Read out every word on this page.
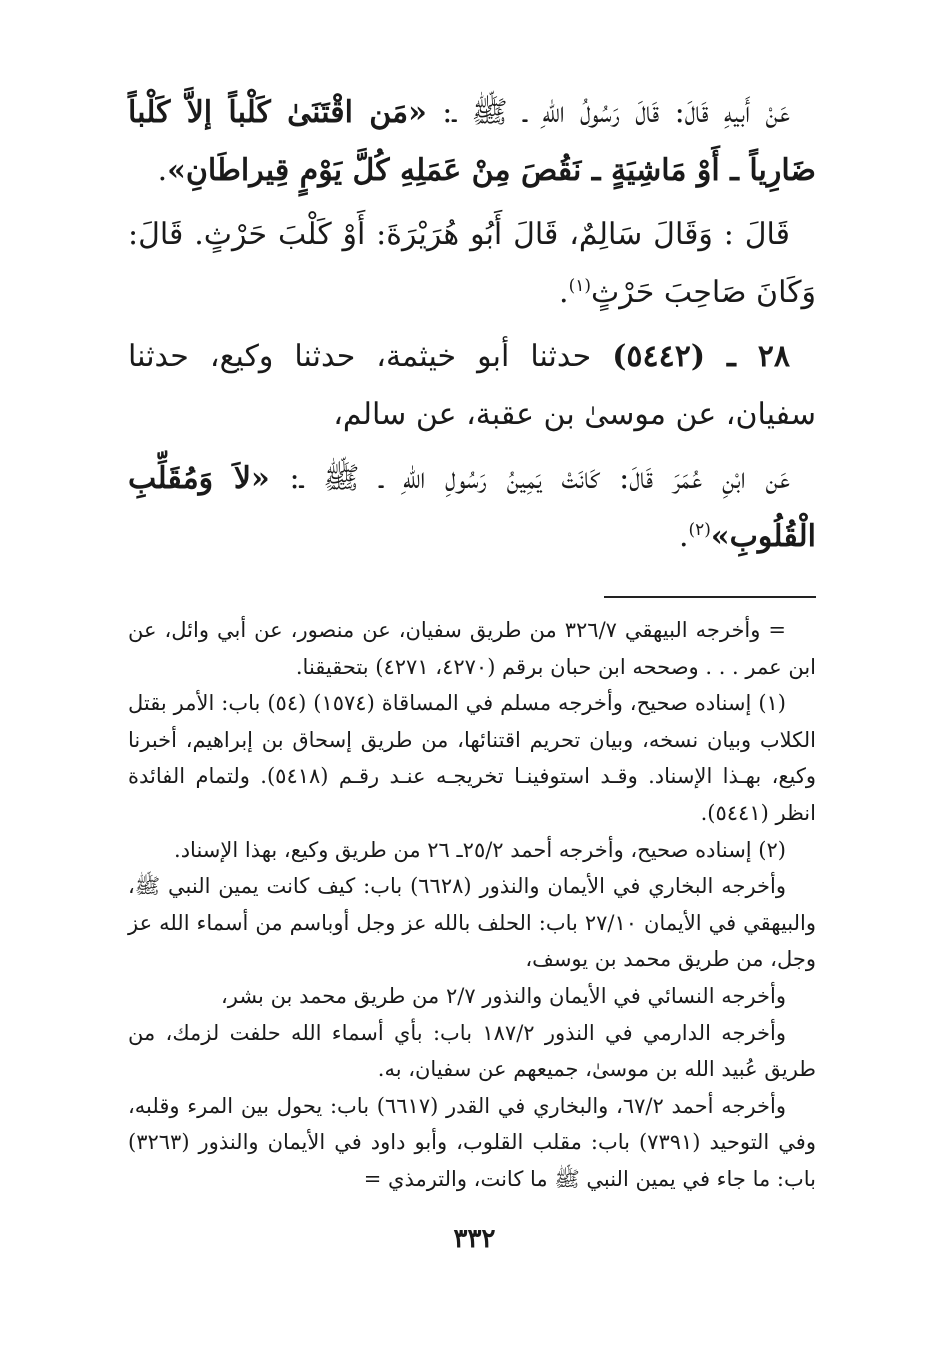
عَنْ أَبيهِ قَالَ: قَالَ رَسُولُ اللهِ ـ ﷺ ـ: «مَن اقْتَنَىٰ كَلْباً إلاَّ كَلْباً ضَارِياً ـ أَوْ مَاشِيَةٍ ـ نَقُصَ مِنْ عَمَلِهِ كُلَّ يَوْمٍ قِيراطَانِ».

قَالَ : وَقَالَ سَالِمٌ، قَالَ أَبُو هُرَيْرَةَ: أَوْ كَلْبَ حَرْثٍ. قَالَ: وَكَانَ صَاحِبَ حَرْثٍ$^{(١)}$.

٢٨ ـ (٥٤٤٢) حدثنا أبو خيثمة، حدثنا وكيع، حدثنا سفيان، عن موسىٰ بن عقبة، عن سالم،

عَن ابْنِ عُمَرَ قَالَ: كَانَتْ يَمِينُ رَسُولِ اللهِ ـ ﷺ ـ: «لاَ وَمُقَلِّبِ الْقُلُوبِ»$^{(٢)}$.

= وأخرجه البيهقي ٣٢٦/٧ من طريق سفيان، عن منصور، عن أبي وائل، عن ابن عمر . . . وصححه ابن حبان برقم (٤٢٧٠، ٤٢٧١) بتحقيقنا.

(١) إسناده صحيح، وأخرجه مسلم في المساقاة (١٥٧٤) (٥٤) باب: الأمر بقتل الكلاب وبيان نسخه، وبيان تحريم اقتنائها، من طريق إسحاق بن إبراهيم، أخبرنا وكيع، بهـذا الإسناد. وقـد استوفينـا تخريجـه عنـد رقـم (٥٤١٨). ولتمام الفائدة انظر (٥٤٤١).

(٢) إسناده صحيح، وأخرجه أحمد ٢٥/٢ـ ٢٦ من طريق وكيع، بهذا الإسناد.

وأخرجه البخاري في الأيمان والنذور (٦٦٢٨) باب: كيف كانت يمين النبي ﷺ، والبيهقي في الأيمان ٢٧/١٠ باب: الحلف بالله عز وجل أوباسم من أسماء الله عز وجل، من طريق محمد بن يوسف،

وأخرجه النسائي في الأيمان والنذور ٢/٧ من طريق محمد بن بشر،

وأخرجه الدارمي في النذور ١٨٧/٢ باب: بأي أسماء الله حلفت لزمك، من طريق عُبيد الله بن موسىٰ، جميعهم عن سفيان، به.

وأخرجه أحمد ٦٧/٢، والبخاري في القدر (٦٦١٧) باب: يحول بين المرء وقلبه، وفي التوحيد (٧٣٩١) باب: مقلب القلوب، وأبو داود في الأيمان والنذور (٣٢٦٣) باب: ما جاء في يمين النبي ﷺ ما كانت، والترمذي =

٣٣٢
